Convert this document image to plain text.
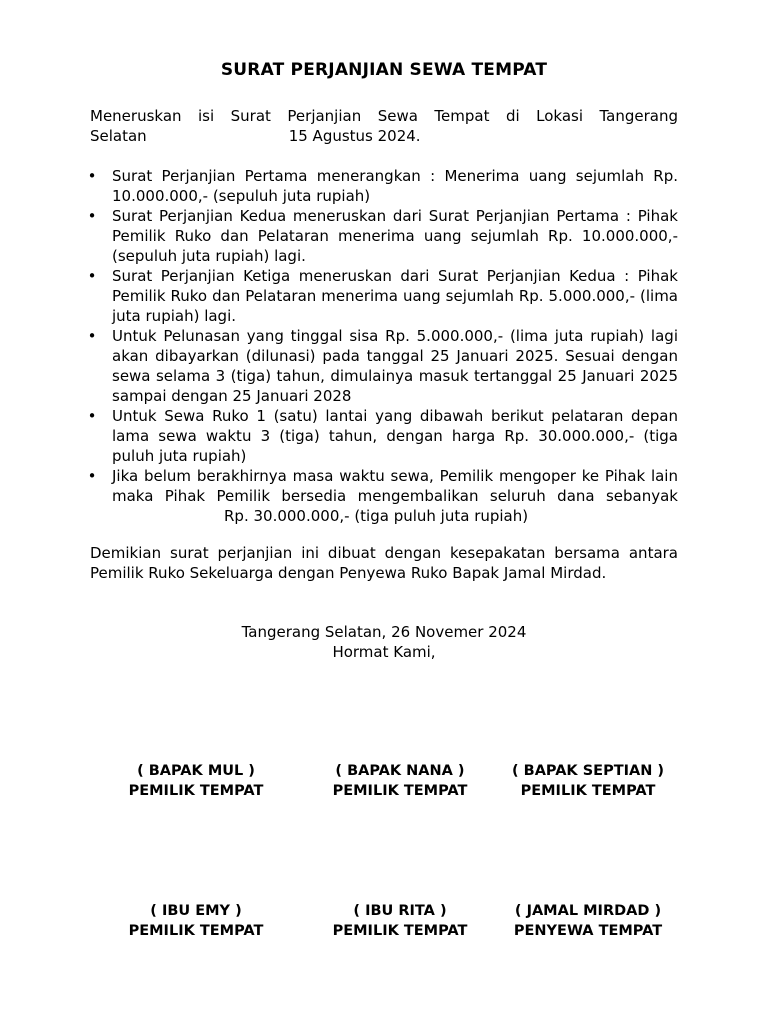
SURAT PERJANJIAN SEWA TEMPAT
Meneruskan isi Surat Perjanjian Sewa Tempat di Lokasi Tangerang
Selatan	15 Agustus 2024.
• Surat Perjanjian Pertama menerangkan : Menerima uang sejumlah Rp. 10.000.000,- (sepuluh juta rupiah)
• Surat Perjanjian Kedua meneruskan dari Surat Perjanjian Pertama : Pihak Pemilik Ruko dan Pelataran menerima uang sejumlah Rp. 10.000.000,- (sepuluh juta rupiah) lagi.
• Surat Perjanjian Ketiga meneruskan dari Surat Perjanjian Kedua : Pihak Pemilik Ruko dan Pelataran menerima uang sejumlah Rp. 5.000.000,- (lima juta rupiah) lagi.
• Untuk Pelunasan yang tinggal sisa Rp. 5.000.000,- (lima juta rupiah) lagi akan dibayarkan (dilunasi) pada tanggal 25 Januari 2025. Sesuai dengan sewa selama 3 (tiga) tahun, dimulainya masuk tertanggal 25 Januari 2025 sampai dengan 25 Januari 2028
• Untuk Sewa Ruko 1 (satu) lantai yang dibawah berikut pelataran depan lama sewa waktu 3 (tiga) tahun, dengan harga Rp. 30.000.000,- (tiga puluh juta rupiah)
• Jika belum berakhirnya masa waktu sewa, Pemilik mengoper ke Pihak lain maka Pihak Pemilik bersedia mengembalikan seluruh dana sebanyakRp. 30.000.000,- (tiga puluh juta rupiah)
Demikian surat perjanjian ini dibuat dengan kesepakatan bersama antara Pemilik Ruko Sekeluarga dengan Penyewa Ruko Bapak Jamal Mirdad.
Tangerang Selatan, 26 Novemer 2024
Hormat Kami,
( BAPAK MUL )
PEMILIK TEMPAT
( BAPAK NANA )
PEMILIK TEMPAT
( BAPAK SEPTIAN )
PEMILIK TEMPAT
( IBU EMY )
PEMILIK TEMPAT
( IBU RITA )
PEMILIK TEMPAT
( JAMAL MIRDAD )
PENYEWA TEMPAT
